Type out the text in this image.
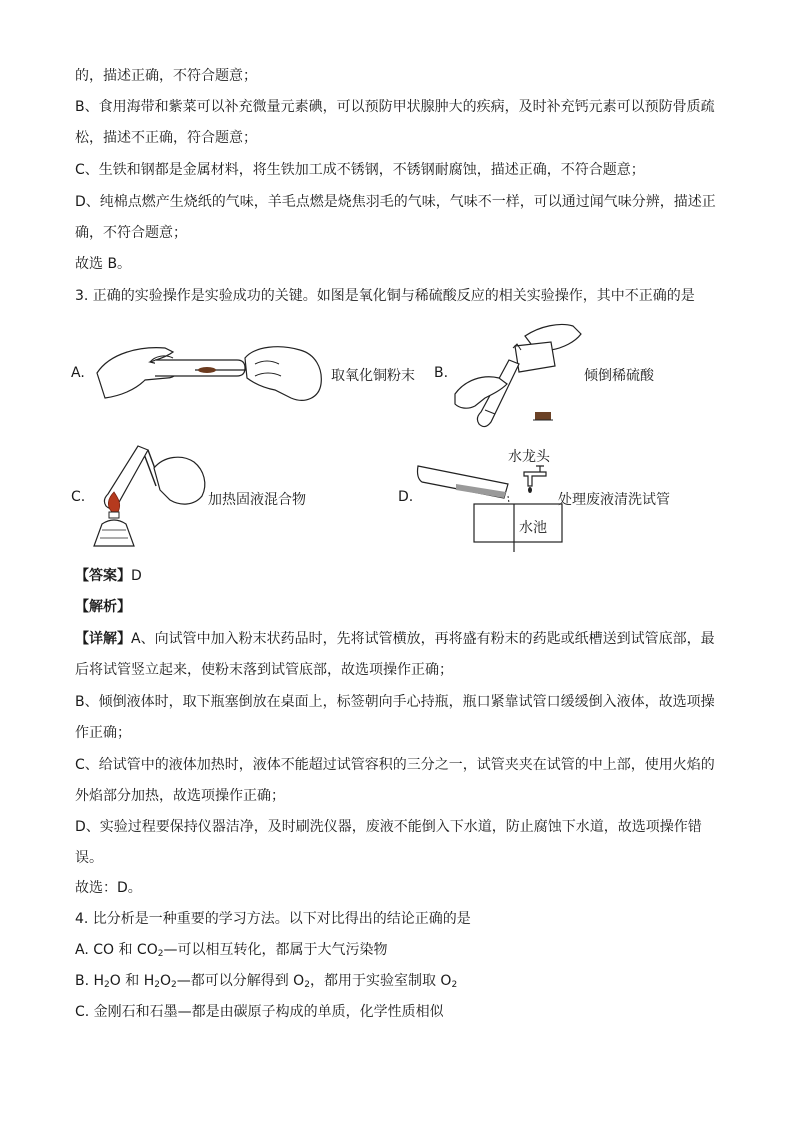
的，描述正确，不符合题意；
B、食用海带和紫菜可以补充微量元素碘，可以预防甲状腺肿大的疾病，及时补充钙元素可以预防骨质疏
松，描述不正确，符合题意；
C、生铁和钢都是金属材料，将生铁加工成不锈钢，不锈钢耐腐蚀，描述正确，不符合题意；
D、纯棉点燃产生烧纸的气味，羊毛点燃是烧焦羽毛的气味，气味不一样，可以通过闻气味分辨，描述正
确，不符合题意；
故选 B。
3. 正确的实验操作是实验成功的关键。如图是氧化铜与稀硫酸反应的相关实验操作，其中不正确的是
A.	取氧化铜粉末 B.	倾倒稀硫酸
C.	加热固液混合物	D.
水龙头
水池
处理废液清洗试管
【答案】D
【解析】
【详解】A、向试管中加入粉末状药品时，先将试管横放，再将盛有粉末的药匙或纸槽送到试管底部，最
后将试管竖立起来，使粉末落到试管底部，故选项操作正确；
B、倾倒液体时，取下瓶塞倒放在桌面上，标签朝向手心持瓶，瓶口紧靠试管口缓缓倒入液体，故选项操
作正确；
C、给试管中的液体加热时，液体不能超过试管容积的三分之一，试管夹夹在试管的中上部，使用火焰的
外焰部分加热，故选项操作正确；
D、实验过程要保持仪器洁净，及时刷洗仪器，废液不能倒入下水道，防止腐蚀下水道，故选项操作错
误。
故选：D。
4. 比分析是一种重要的学习方法。以下对比得出的结论正确的是
A. CO 和 $CO_2—$可以相互转化，都属于大气污染物
B. $H_2O$ 和 $H_2O_2—$都可以分解得到 $O_2$，都用于实验室制取 $O_2$
C. 金刚石和石墨—都是由碳原子构成的单质，化学性质相似
